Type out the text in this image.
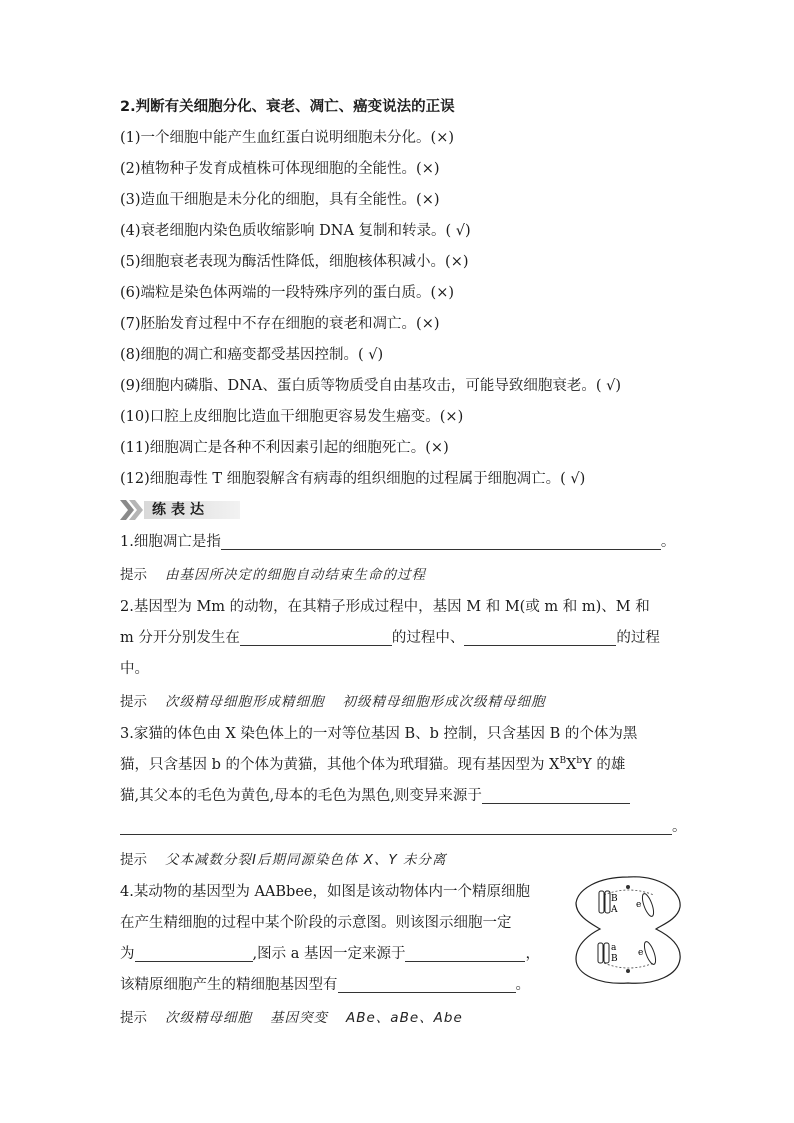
2.判断有关细胞分化、衰老、凋亡、癌变说法的正误
(1)一个细胞中能产生血红蛋白说明细胞未分化。(×)
(2)植物种子发育成植株可体现细胞的全能性。(×)
(3)造血干细胞是未分化的细胞，具有全能性。(×)
(4)衰老细胞内染色质收缩影响 DNA 复制和转录。( √)
(5)细胞衰老表现为酶活性降低，细胞核体积减小。(×)
(6)端粒是染色体两端的一段特殊序列的蛋白质。(×)
(7)胚胎发育过程中不存在细胞的衰老和凋亡。(×)
(8)细胞的凋亡和癌变都受基因控制。( √)
(9)细胞内磷脂、DNA、蛋白质等物质受自由基攻击，可能导致细胞衰老。( √)
(10)口腔上皮细胞比造血干细胞更容易发生癌变。(×)
(11)细胞凋亡是各种不利因素引起的细胞死亡。(×)
(12)细胞毒性 T 细胞裂解含有病毒的组织细胞的过程属于细胞凋亡。( √)
练表达
1.细胞凋亡是指	。
提示 由基因所决定的细胞自动结束生命的过程
2.基因型为 Mm 的动物，在其精子形成过程中，基因 M 和 M(或 m 和 m)、M 和
m 分开分别发生在	的过程中、	的过程
中。
提示 次级精母细胞形成精细胞 初级精母细胞形成次级精母细胞
3.家猫的体色由 X 染色体上的一对等位基因 B、b 控制，只含基因 B 的个体为黑
猫，只含基因 b 的个体为黄猫，其他个体为玳瑁猫。现有基因型为 $X^BX^bY$ 的雄
猫,其父本的毛色为黄色,母本的毛色为黑色,则变异来源于
。
提示 父本减数分裂Ⅰ后期同源染色体 X、Y 未分离
4.某动物的基因型为 AABbee，如图是该动物体内一个精原细胞
在产生精细胞的过程中某个阶段的示意图。则该图示细胞一定
为	,图示 a 基因一定来源于	，
该精原细胞产生的精细胞基因型有	。
B
A
a
B
e
e
提示 次级精母细胞 基因突变 ABe、aBe、Abe
